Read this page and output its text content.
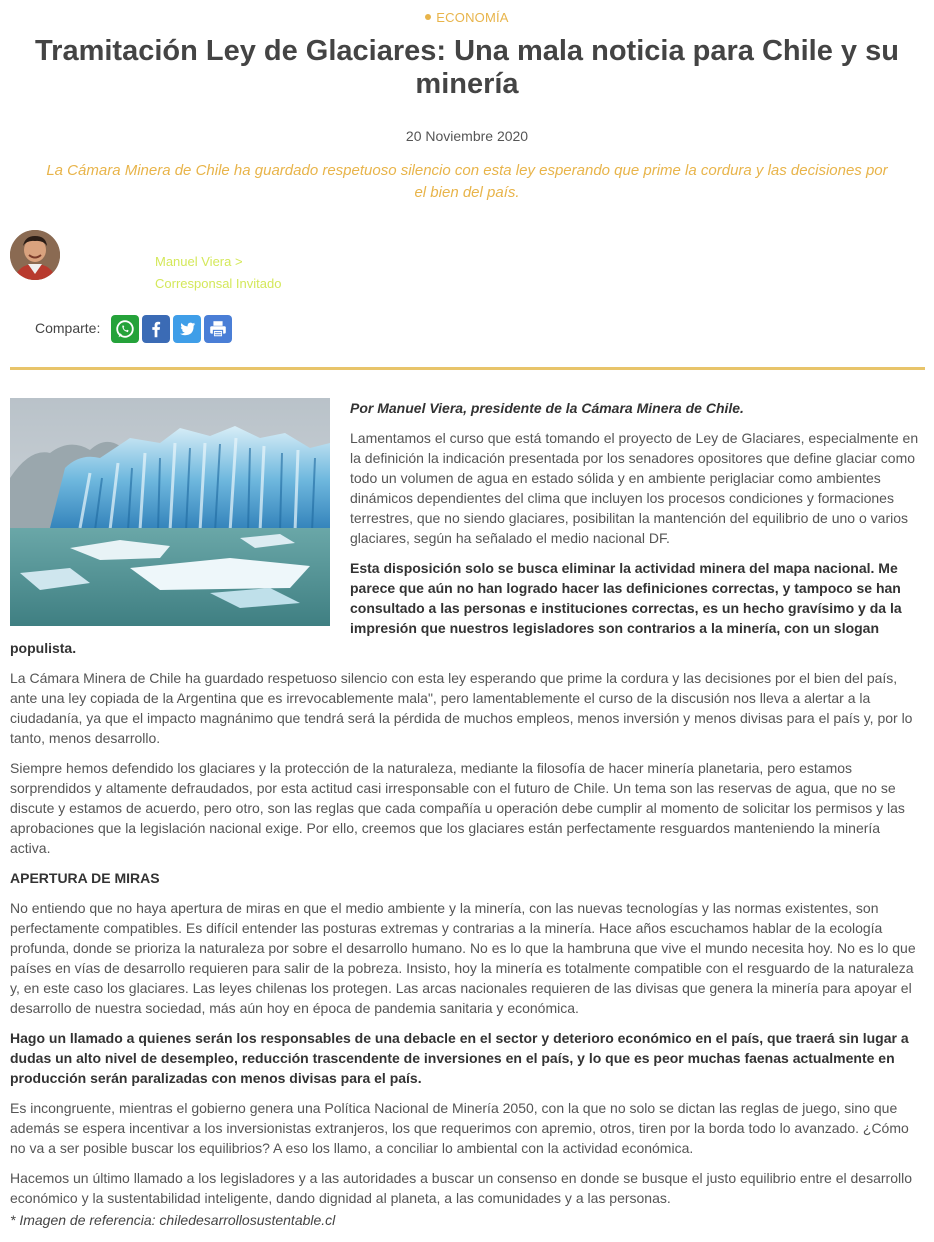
ECONOMÍA
Tramitación Ley de Glaciares: Una mala noticia para Chile y su minería
20 Noviembre 2020
La Cámara Minera de Chile ha guardado respetuoso silencio con esta ley esperando que prime la cordura y las decisiones por el bien del país.
Manuel Viera >
Corresponsal Invitado
Comparte:

Por Manuel Viera, presidente de la Cámara Minera de Chile.

Lamentamos el curso que está tomando el proyecto de Ley de Glaciares, especialmente en la definición la indicación presentada por los senadores opositores que define glaciar como todo un volumen de agua en estado sólida y en ambiente periglaciar como ambientes dinámicos dependientes del clima que incluyen los procesos condiciones y formaciones terrestres, que no siendo glaciares, posibilitan la mantención del equilibrio de uno o varios glaciares, según ha señalado el medio nacional DF.

Esta disposición solo se busca eliminar la actividad minera del mapa nacional. Me parece que aún no han logrado hacer las definiciones correctas, y tampoco se han consultado a las personas e instituciones correctas, es un hecho gravísimo y da la impresión que nuestros legisladores son contrarios a la minería, con un slogan populista.

La Cámara Minera de Chile ha guardado respetuoso silencio con esta ley esperando que prime la cordura y las decisiones por el bien del país, ante una ley copiada de la Argentina que es irrevocablemente mala", pero lamentablemente el curso de la discusión nos lleva a alertar a la ciudadanía, ya que el impacto magnánimo que tendrá será la pérdida de muchos empleos, menos inversión y menos divisas para el país y, por lo tanto, menos desarrollo.

Siempre hemos defendido los glaciares y la protección de la naturaleza, mediante la filosofía de hacer minería planetaria, pero estamos sorprendidos y altamente defraudados, por esta actitud casi irresponsable con el futuro de Chile. Un tema son las reservas de agua, que no se discute y estamos de acuerdo, pero otro, son las reglas que cada compañía u operación debe cumplir al momento de solicitar los permisos y las aprobaciones que la legislación nacional exige. Por ello, creemos que los glaciares están perfectamente resguardos manteniendo la minería activa.

APERTURA DE MIRAS

No entiendo que no haya apertura de miras en que el medio ambiente y la minería, con las nuevas tecnologías y las normas existentes, son perfectamente compatibles. Es difícil entender las posturas extremas y contrarias a la minería. Hace años escuchamos hablar de la ecología profunda, donde se prioriza la naturaleza por sobre el desarrollo humano. No es lo que la hambruna que vive el mundo necesita hoy. No es lo que países en vías de desarrollo requieren para salir de la pobreza. Insisto, hoy la minería es totalmente compatible con el resguardo de la naturaleza y, en este caso los glaciares. Las leyes chilenas los protegen. Las arcas nacionales requieren de las divisas que genera la minería para apoyar el desarrollo de nuestra sociedad, más aún hoy en época de pandemia sanitaria y económica.

Hago un llamado a quienes serán los responsables de una debacle en el sector y deterioro económico en el país, que traerá sin lugar a dudas un alto nivel de desempleo, reducción trascendente de inversiones en el país, y lo que es peor muchas faenas actualmente en producción serán paralizadas con menos divisas para el país.

Es incongruente, mientras el gobierno genera una Política Nacional de Minería 2050, con la que no solo se dictan las reglas de juego, sino que además se espera incentivar a los inversionistas extranjeros, los que requerimos con apremio, otros, tiren por la borda todo lo avanzado. ¿Cómo no va a ser posible buscar los equilibrios? A eso los llamo, a conciliar lo ambiental con la actividad económica.

Hacemos un último llamado a los legisladores y a las autoridades a buscar un consenso en donde se busque el justo equilibrio entre el desarrollo económico y la sustentabilidad inteligente, dando dignidad al planeta, a las comunidades y a las personas.

* Imagen de referencia: chiledesarrollosustentable.cl
